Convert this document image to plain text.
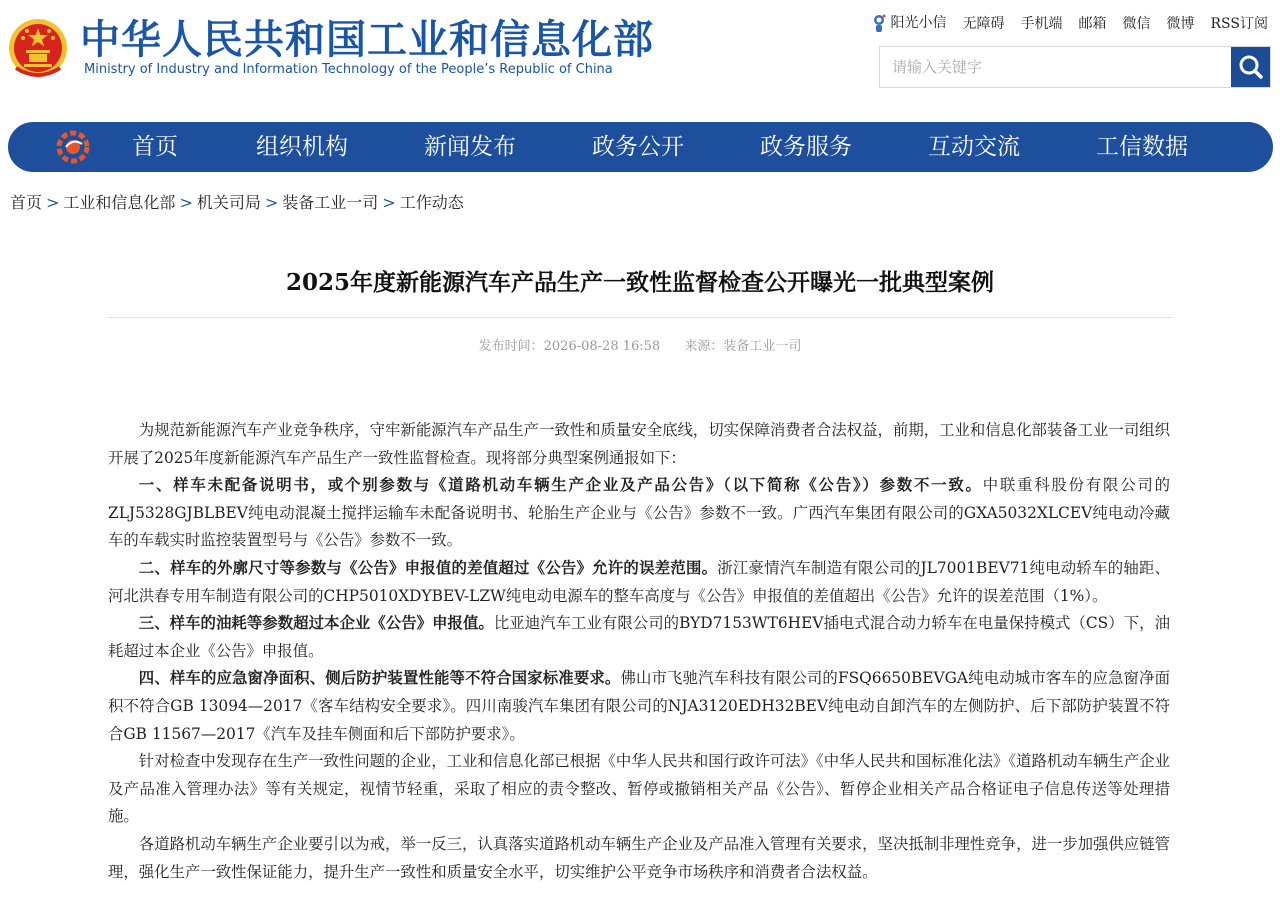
中华人民共和国工业和信息化部
Ministry of Industry and Information Technology of the People’s Republic of China
阳光小信 无障碍 手机端 邮箱 微信 微博 RSS订阅
请输入关键字
首页	组织机构	新闻发布	政务公开	政务服务	互动交流	工信数据
首页 > 工业和信息化部 > 机关司局 > 装备工业一司 > 工作动态
2025年度新能源汽车产品生产一致性监督检查公开曝光一批典型案例
发布时间：2026-08-28 16:58 来源：装备工业一司

为规范新能源汽车产业竞争秩序，守牢新能源汽车产品生产一致性和质量安全底线，切实保障消费者合法权益，前期，工业和信息化部装备工业一司组织开展了2025年度新能源汽车产品生产一致性监督检查。现将部分典型案例通报如下：

一、样车未配备说明书，或个别参数与《道路机动车辆生产企业及产品公告》（以下简称《公告》）参数不一致。中联重科股份有限公司的ZLJ5328GJBLBEV纯电动混凝土搅拌运输车未配备说明书、轮胎生产企业与《公告》参数不一致。广西汽车集团有限公司的GXA5032XLCEV纯电动冷藏车的车载实时监控装置型号与《公告》参数不一致。

二、样车的外廓尺寸等参数与《公告》申报值的差值超过《公告》允许的误差范围。浙江豪情汽车制造有限公司的JL7001BEV71纯电动轿车的轴距、河北洪春专用车制造有限公司的CHP5010XDYBEV-LZW纯电动电源车的整车高度与《公告》申报值的差值超出《公告》允许的误差范围（1%）。

三、样车的油耗等参数超过本企业《公告》申报值。比亚迪汽车工业有限公司的BYD7153WT6HEV插电式混合动力轿车在电量保持模式（CS）下，油耗超过本企业《公告》申报值。

四、样车的应急窗净面积、侧后防护装置性能等不符合国家标准要求。佛山市飞驰汽车科技有限公司的FSQ6650BEVGA纯电动城市客车的应急窗净面积不符合GB 13094—2017《客车结构安全要求》。四川南骏汽车集团有限公司的NJA3120EDH32BEV纯电动自卸汽车的左侧防护、后下部防护装置不符合GB 11567—2017《汽车及挂车侧面和后下部防护要求》。

针对检查中发现存在生产一致性问题的企业，工业和信息化部已根据《中华人民共和国行政许可法》《中华人民共和国标准化法》《道路机动车辆生产企业及产品准入管理办法》等有关规定，视情节轻重，采取了相应的责令整改、暂停或撤销相关产品《公告》、暂停企业相关产品合格证电子信息传送等处理措施。

各道路机动车辆生产企业要引以为戒，举一反三，认真落实道路机动车辆生产企业及产品准入管理有关要求，坚决抵制非理性竞争，进一步加强供应链管理，强化生产一致性保证能力，提升生产一致性和质量安全水平，切实维护公平竞争市场秩序和消费者合法权益。
